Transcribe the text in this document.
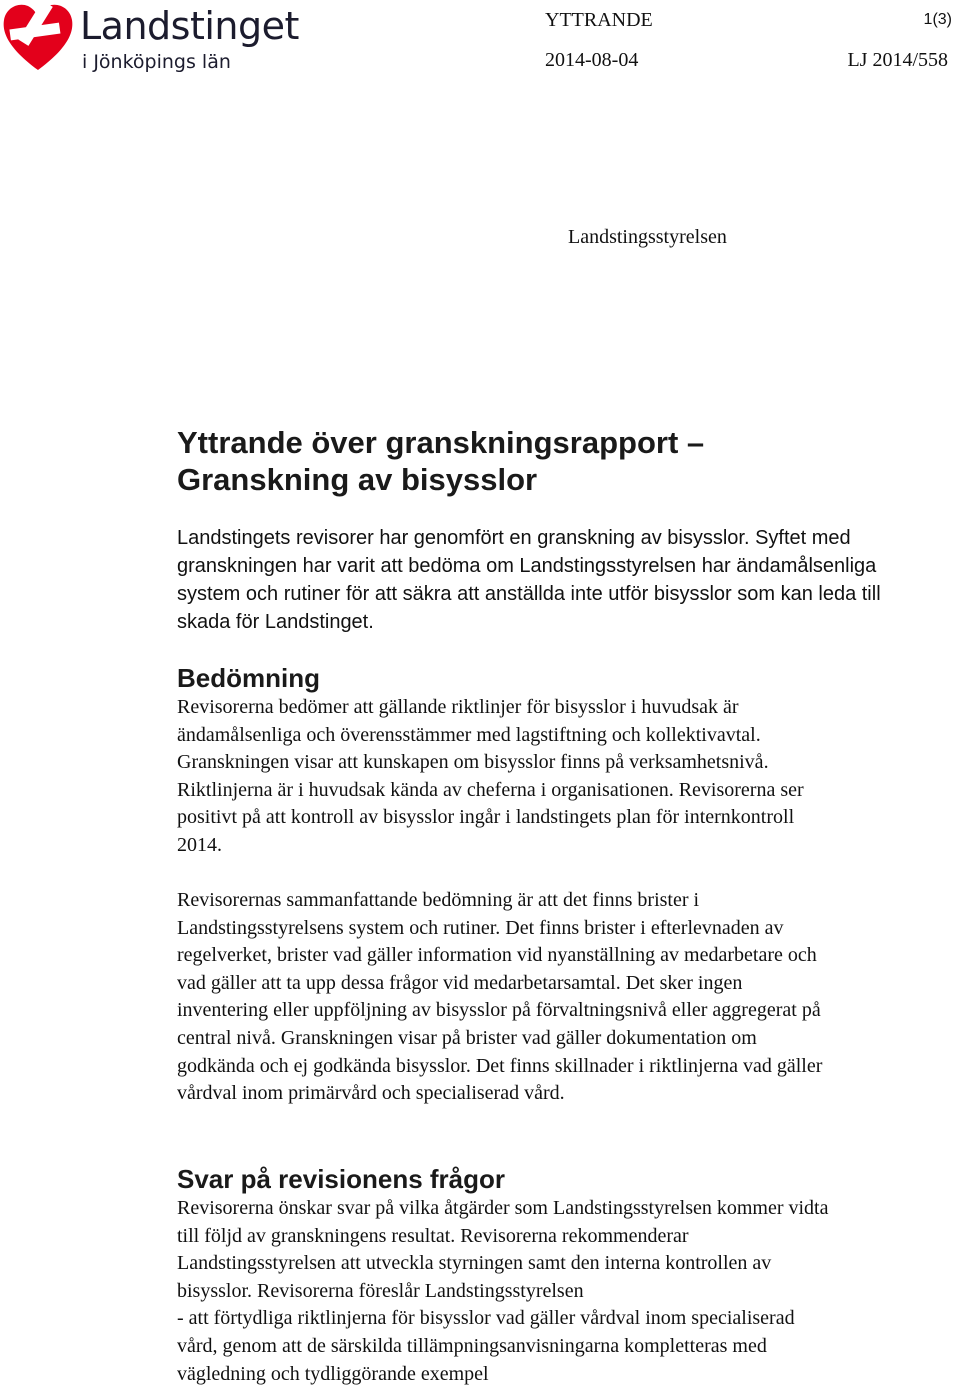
Landstinget
i Jönköpings län
YTTRANDE	1(3)
2014-08-04	LJ 2014/558
Landstingsstyrelsen
Yttrande över granskningsrapport –
Granskning av bisysslor
Landstingets revisorer har genomfört en granskning av bisysslor. Syftet med
granskningen har varit att bedöma om Landstingsstyrelsen har ändamålsenliga
system och rutiner för att säkra att anställda inte utför bisysslor som kan leda till
skada för Landstinget.
Bedömning
Revisorerna bedömer att gällande riktlinjer för bisysslor i huvudsak är
ändamålsenliga och överensstämmer med lagstiftning och kollektivavtal.
Granskningen visar att kunskapen om bisysslor finns på verksamhetsnivå.
Riktlinjerna är i huvudsak kända av cheferna i organisationen. Revisorerna ser
positivt på att kontroll av bisysslor ingår i landstingets plan för internkontroll
2014.
Revisorernas sammanfattande bedömning är att det finns brister i
Landstingsstyrelsens system och rutiner. Det finns brister i efterlevnaden av
regelverket, brister vad gäller information vid nyanställning av medarbetare och
vad gäller att ta upp dessa frågor vid medarbetarsamtal. Det sker ingen
inventering eller uppföljning av bisysslor på förvaltningsnivå eller aggregerat på
central nivå. Granskningen visar på brister vad gäller dokumentation om
godkända och ej godkända bisysslor. Det finns skillnader i riktlinjerna vad gäller
vårdval inom primärvård och specialiserad vård.
Svar på revisionens frågor
Revisorerna önskar svar på vilka åtgärder som Landstingsstyrelsen kommer vidta
till följd av granskningens resultat. Revisorerna rekommenderar
Landstingsstyrelsen att utveckla styrningen samt den interna kontrollen av
bisysslor. Revisorerna föreslår Landstingsstyrelsen
- att förtydliga riktlinjerna för bisysslor vad gäller vårdval inom specialiserad
vård, genom att de särskilda tillämpningsanvisningarna kompletteras med
vägledning och tydliggörande exempel
